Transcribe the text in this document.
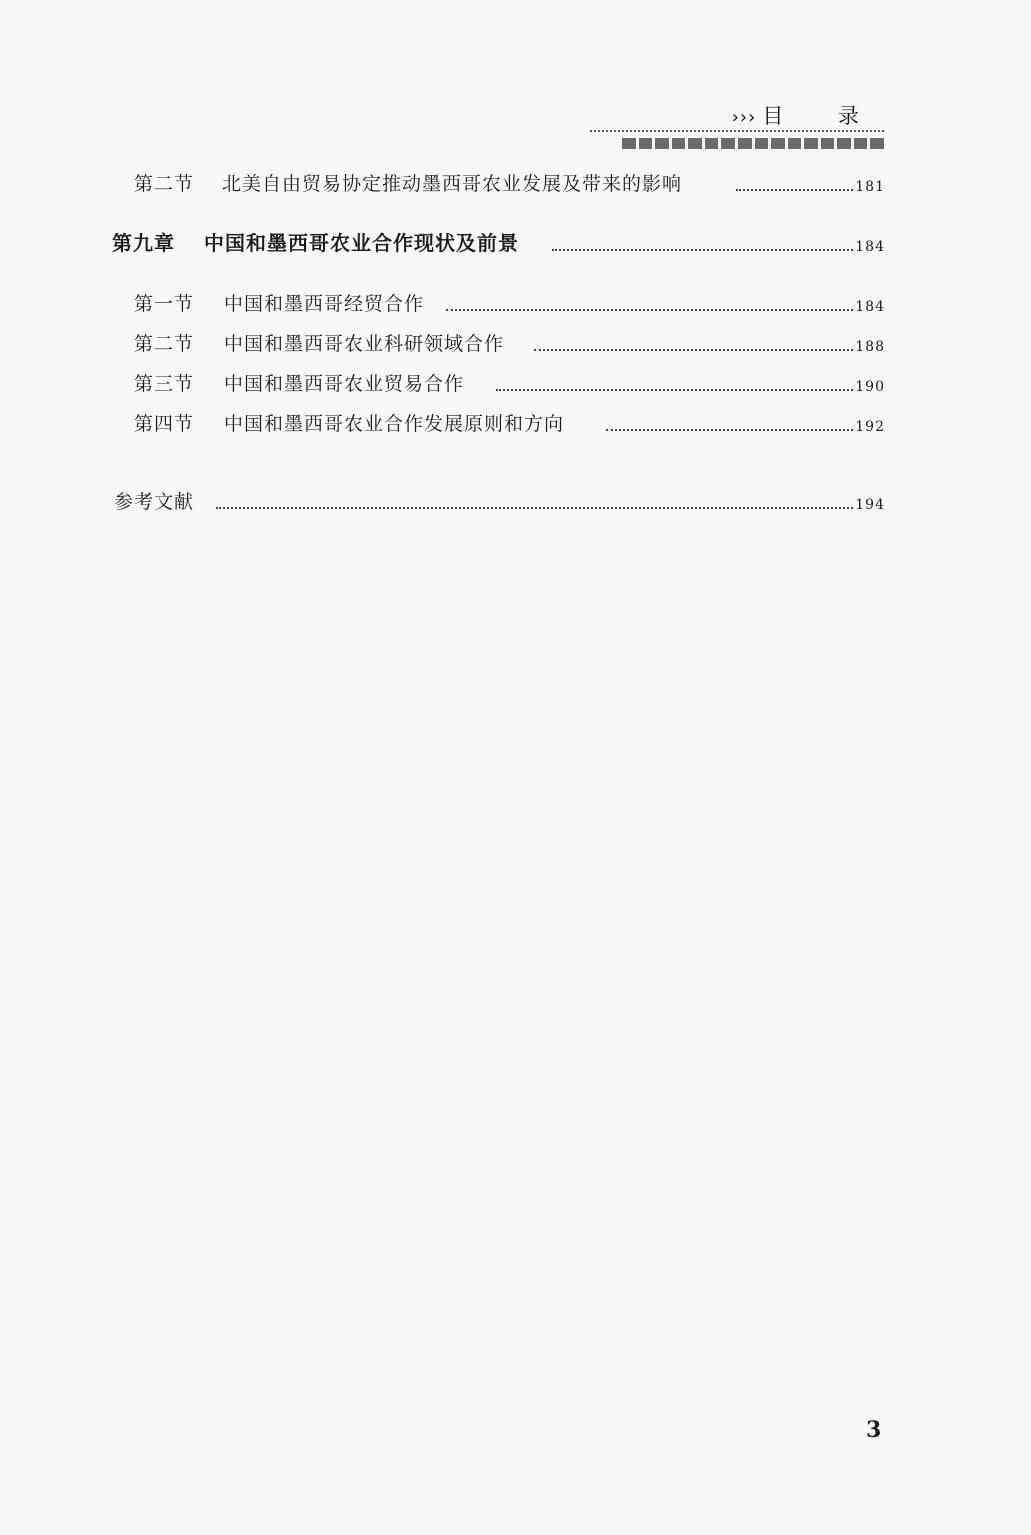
››› 目 录
第二节 北美自由贸易协定推动墨西哥农业发展及带来的影响	181
第九章 中国和墨西哥农业合作现状及前景	184
第一节 中国和墨西哥经贸合作	184
第二节 中国和墨西哥农业科研领域合作	188
第三节 中国和墨西哥农业贸易合作	190
第四节 中国和墨西哥农业合作发展原则和方向	192
参考文献	194
3
